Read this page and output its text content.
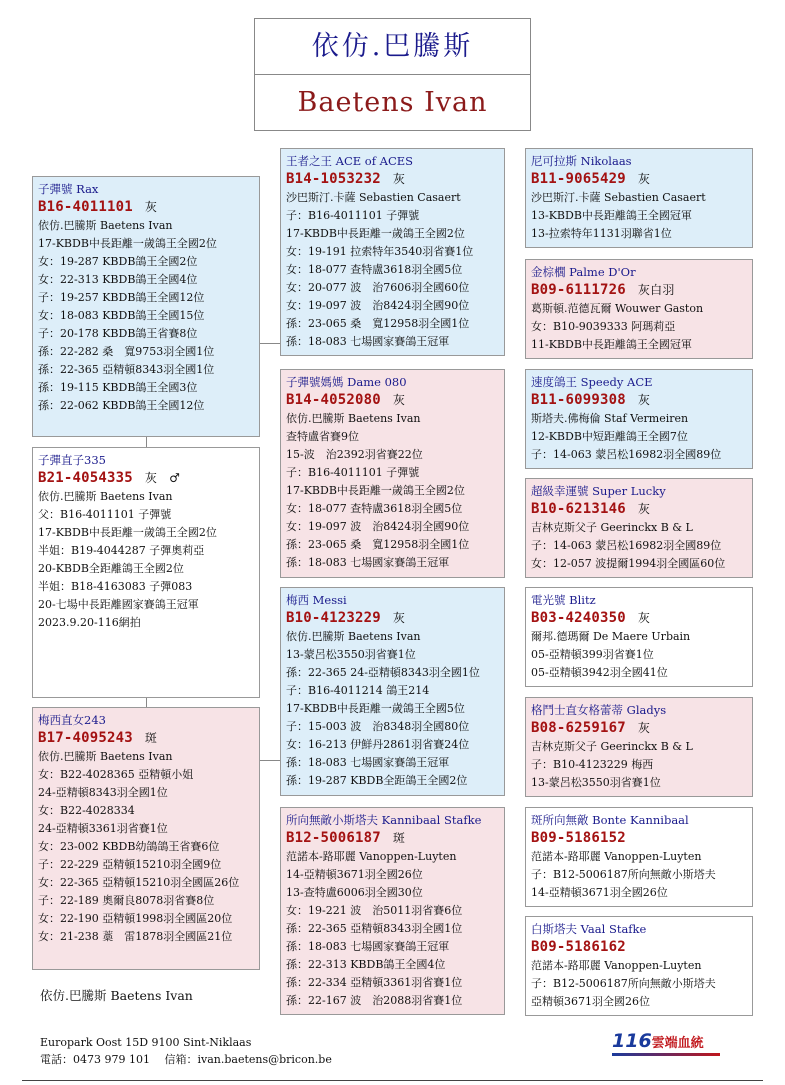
依仿.巴騰斯
Baetens Ivan
子彈號 Rax
B16-4011101 灰
依仿.巴騰斯 Baetens Ivan
17-KBDB中長距離一歲鴿王全國2位
女：19-287 KBDB鴿王全國2位
女：22-313 KBDB鴿王全國4位
子：19-257 KBDB鴿王全國12位
女：18-083 KBDB鴿王全國15位
子：20-178 KBDB鴿王省賽8位
孫：22-282 桑　寬9753羽全國1位
孫：22-365 亞精頓8343羽全國1位
孫：19-115 KBDB鴿王全國3位
孫：22-062 KBDB鴿王全國12位
子彈直子335
B21-4054335 灰 ♂
依仿.巴騰斯 Baetens Ivan
父：B16-4011101 子彈號
17-KBDB中長距離一歲鴿王全國2位
半姐：B19-4044287 子彈奧莉亞
20-KBDB全距離鴿王全國2位
半姐：B18-4163083 子彈083
20-七場中長距離國家賽鴿王冠軍
2023.9.20-116網拍
梅西直女243
B17-4095243 斑
依仿.巴騰斯 Baetens Ivan
女：B22-4028365 亞精頓小姐
24-亞精頓8343羽全國1位
女：B22-4028334
24-亞精頓3361羽省賽1位
女：23-002 KBDB幼鴿鴿王省賽6位
子：22-229 亞精頓15210羽全國9位
女：22-365 亞精頓15210羽全國區26位
子：22-189 奧爾良8078羽省賽8位
女：22-190 亞精頓1998羽全國區20位
女：21-238 藁　雷1878羽全國區21位
王者之王 ACE of ACES
B14-1053232 灰
沙巴斯汀.卡薩 Sebastien Casaert
子：B16-4011101 子彈號
17-KBDB中長距離一歲鴿王全國2位
女：19-191 拉索特年3540羽省賽1位
女：18-077 查特盧3618羽全國5位
女：20-077 波　治7606羽全國60位
女：19-097 波　治8424羽全國90位
孫：23-065 桑　寬12958羽全國1位
孫：18-083 七場國家賽鴿王冠軍
子彈號媽媽 Dame 080
B14-4052080 灰
依仿.巴騰斯 Baetens Ivan
查特盧省賽9位
15-波　治2392羽省賽22位
子：B16-4011101 子彈號
17-KBDB中長距離一歲鴿王全國2位
女：18-077 查特盧3618羽全國5位
女：19-097 波　治8424羽全國90位
孫：23-065 桑　寬12958羽全國1位
孫：18-083 七場國家賽鴿王冠軍
梅西 Messi
B10-4123229 灰
依仿.巴騰斯 Baetens Ivan
13-蒙呂松3550羽省賽1位
孫：22-365 24-亞精頓8343羽全國1位
子：B16-4011214 鴿王214
17-KBDB中長距離一歲鴿王全國5位
子：15-003 波　治8348羽全國80位
女：16-213 伊鮮丹2861羽省賽24位
孫：18-083 七場國家賽鴿王冠軍
孫：19-287 KBDB全距鴿王全國2位
所向無敵小斯塔夫 Kannibaal Stafke
B12-5006187 斑
范諾本-路耶麗 Vanoppen-Luyten
14-亞精頓3671羽全國26位
13-查特盧6006羽全國30位
女：19-221 波　治5011羽省賽6位
孫：22-365 亞精頓8343羽全國1位
孫：18-083 七場國家賽鴿王冠軍
孫：22-313 KBDB鴿王全國4位
孫：22-334 亞精頓3361羽省賽1位
孫：22-167 波　治2088羽省賽1位
尼可拉斯 Nikolaas
B11-9065429 灰
沙巴斯汀.卡薩 Sebastien Casaert
13-KBDB中長距離鴿王全國冠軍
13-拉索特年1131羽聯省1位
金棕櫚 Palme D'Or
B09-6111726 灰白羽
葛斯頓.范德瓦爾 Wouwer Gaston
女：B10-9039333 阿瑪莉亞
11-KBDB中長距離鴿王全國冠軍
速度鴿王 Speedy ACE
B11-6099308 灰
斯塔夫.佛梅倫 Staf Vermeiren
12-KBDB中短距離鴿王全國7位
子：14-063 蒙呂松16982羽全國89位
超級幸運號 Super Lucky
B10-6213146 灰
吉林克斯父子 Geerinckx B & L
子：14-063 蒙呂松16982羽全國89位
女：12-057 波提爾1994羽全國區60位
電光號 Blitz
B03-4240350 灰
爾邦.德瑪爾 De Maere Urbain
05-亞精頓399羽省賽1位
05-亞精頓3942羽全國41位
格鬥士直女格蕾蒂 Gladys
B08-6259167 灰
吉林克斯父子 Geerinckx B & L
子：B10-4123229 梅西
13-蒙呂松3550羽省賽1位
斑所向無敵 Bonte Kannibaal
B09-5186152
范諾本-路耶麗 Vanoppen-Luyten
子：B12-5006187所向無敵小斯塔夫
14-亞精頓3671羽全國26位
白斯塔夫 Vaal Stafke
B09-5186162
范諾本-路耶麗 Vanoppen-Luyten
子：B12-5006187所向無敵小斯塔夫
亞精頓3671羽全國26位
依仿.巴騰斯 Baetens Ivan
Europark Oost 15D 9100 Sint-Niklaas
電話：0473 979 101　 信箱：ivan.baetens@bricon.be
116雲端血統
